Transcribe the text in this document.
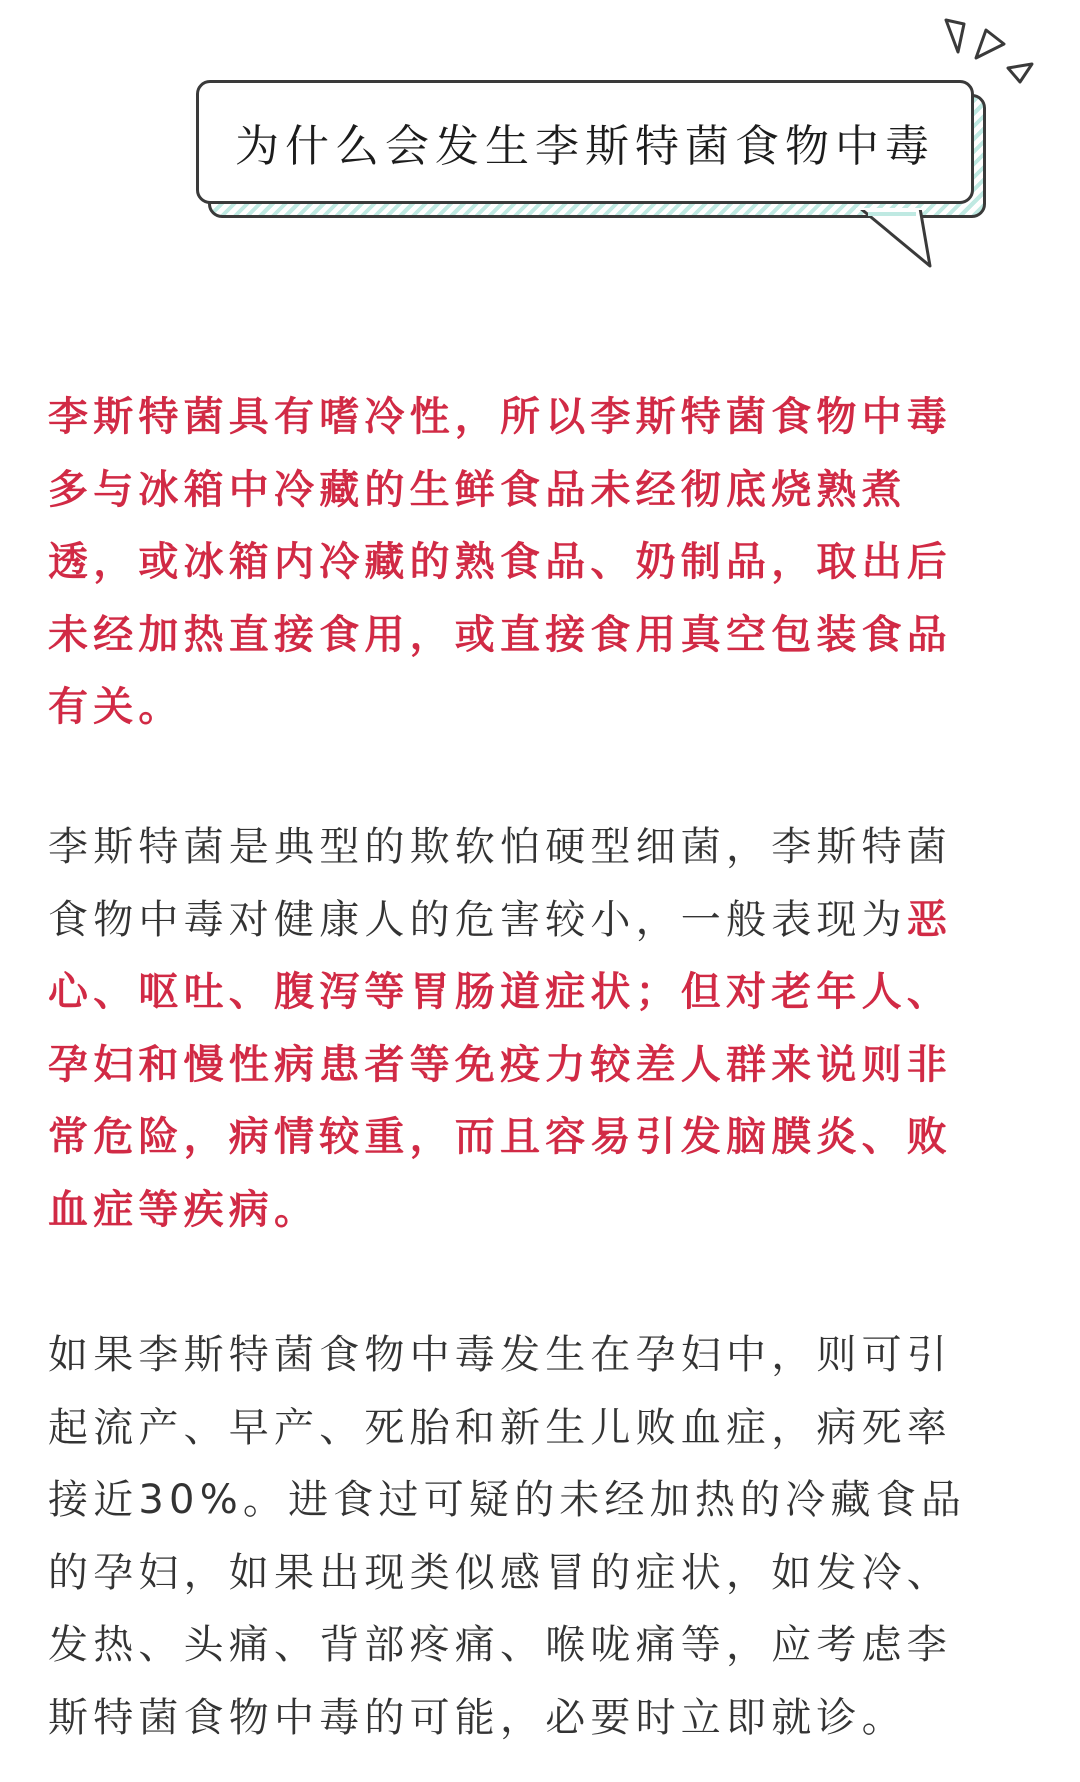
为什么会发生李斯特菌食物中毒

李斯特菌具有嗜冷性，所以李斯特菌食物中毒
多与冰箱中冷藏的生鲜食品未经彻底烧熟煮
透，或冰箱内冷藏的熟食品、奶制品，取出后
未经加热直接食用，或直接食用真空包装食品
有关。

李斯特菌是典型的欺软怕硬型细菌，李斯特菌
食物中毒对健康人的危害较小，一般表现为恶
心、呕吐、腹泻等胃肠道症状；但对老年人、
孕妇和慢性病患者等免疫力较差人群来说则非
常危险，病情较重，而且容易引发脑膜炎、败
血症等疾病。

如果李斯特菌食物中毒发生在孕妇中，则可引
起流产、早产、死胎和新生儿败血症，病死率
接近30%。进食过可疑的未经加热的冷藏食品
的孕妇，如果出现类似感冒的症状，如发冷、
发热、头痛、背部疼痛、喉咙痛等，应考虑李
斯特菌食物中毒的可能，必要时立即就诊。
